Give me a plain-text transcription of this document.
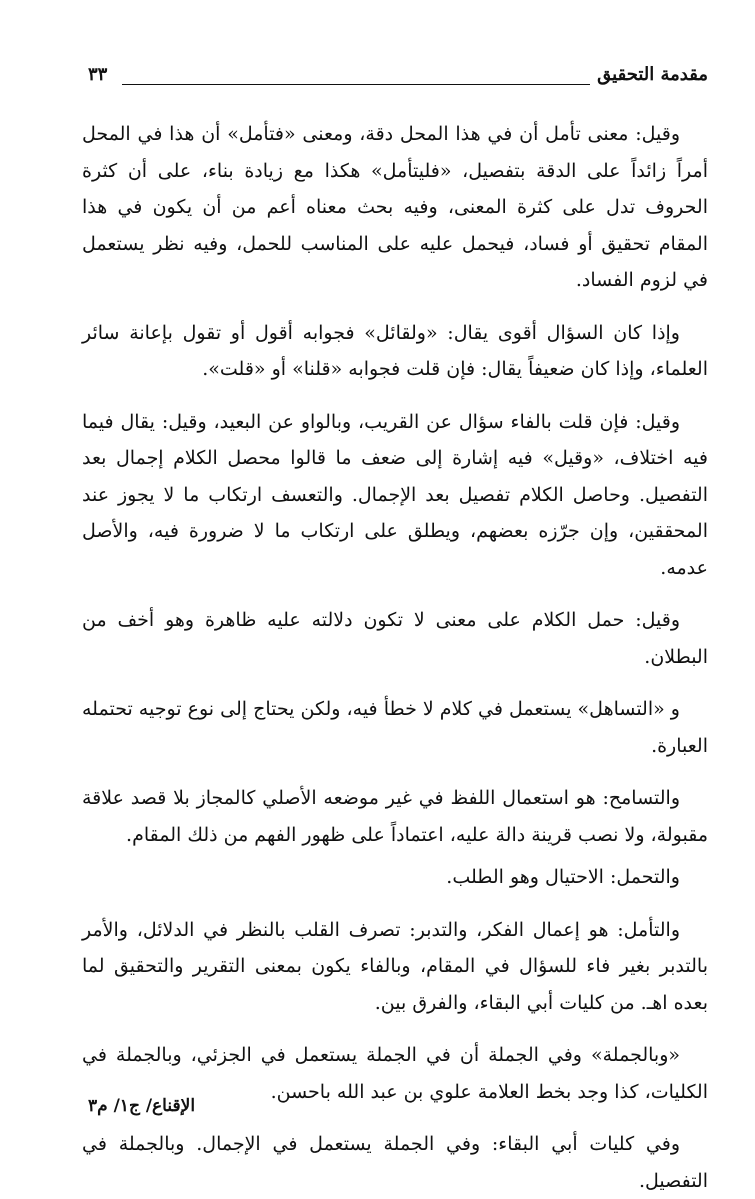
مقدمة التحقيق
٣٣

وقيل: معنى تأمل أن في هذا المحل دقة، ومعنى «فتأمل» أن هذا في المحل أمراً زائداً على الدقة بتفصيل، «فليتأمل» هكذا مع زيادة بناء، على أن كثرة الحروف تدل على كثرة المعنى، وفيه بحث معناه أعم من أن يكون في هذا المقام تحقيق أو فساد، فيحمل عليه على المناسب للحمل، وفيه نظر يستعمل في لزوم الفساد.

وإذا كان السؤال أقوى يقال: «ولقائل» فجوابه أقول أو تقول بإعانة سائر العلماء، وإذا كان ضعيفاً يقال: فإن قلت فجوابه «قلنا» أو «قلت».

وقيل: فإن قلت بالفاء سؤال عن القريب، وبالواو عن البعيد، وقيل: يقال فيما فيه اختلاف، «وقيل» فيه إشارة إلى ضعف ما قالوا محصل الكلام إجمال بعد التفصيل. وحاصل الكلام تفصيل بعد الإجمال. والتعسف ارتكاب ما لا يجوز عند المحققين، وإن جرّزه بعضهم، ويطلق على ارتكاب ما لا ضرورة فيه، والأصل عدمه.

وقيل: حمل الكلام على معنى لا تكون دلالته عليه ظاهرة وهو أخف من البطلان.

و «التساهل» يستعمل في كلام لا خطأ فيه، ولكن يحتاج إلى نوع توجيه تحتمله العبارة.

والتسامح: هو استعمال اللفظ في غير موضعه الأصلي كالمجاز بلا قصد علاقة مقبولة، ولا نصب قرينة دالة عليه، اعتماداً على ظهور الفهم من ذلك المقام.

والتحمل: الاحتيال وهو الطلب.

والتأمل: هو إعمال الفكر، والتدبر: تصرف القلب بالنظر في الدلائل، والأمر بالتدبر بغير فاء للسؤال في المقام، وبالفاء يكون بمعنى التقرير والتحقيق لما بعده اهـ. من كليات أبي البقاء، والفرق بين.

«وبالجملة» وفي الجملة أن في الجملة يستعمل في الجزئي، وبالجملة في الكليات، كذا وجد بخط العلامة علوي بن عبد الله باحسن.

وفي كليات أبي البقاء: وفي الجملة يستعمل في الإجمال. وبالجملة في التفصيل.

الإقناع/ ج١/ م٣
